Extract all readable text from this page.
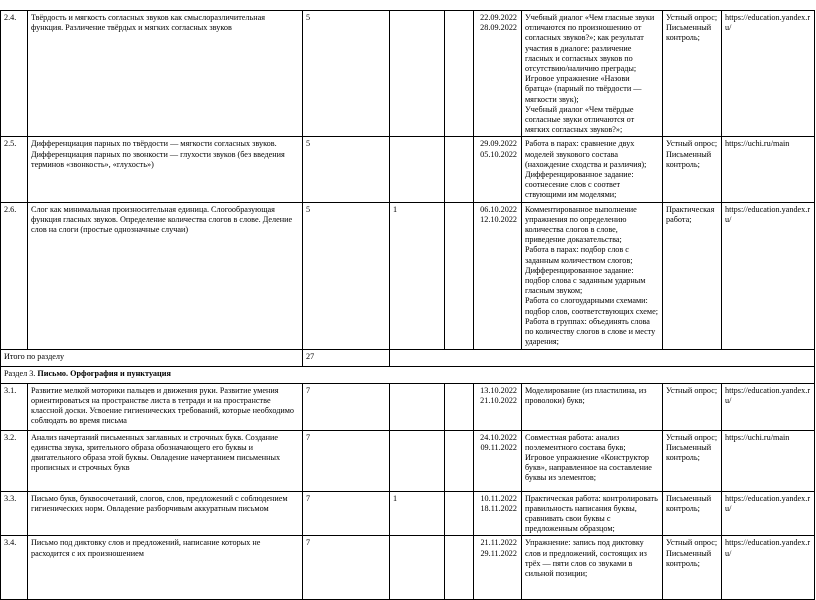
2.4.	Твёрдость и мягкость согласных звуков как смыслоразличительная функция. Различение твёрдых и мягких согласных звуков	5			22.09.2022
28.09.2022	Учебный диалог «Чем гласные звуки отличаются по произношению от согласных звуков?»; как результат участия в диалоге: различение гласных и согласных звуков по отсутствию/наличию преграды;
Игровое упражнение «Назови братца» (парный по твёрдости — мягкости звук);
Учебный диалог «Чем твёрдые согласные звуки отличаются от мягких согласных звуков?»;	Устный опрос;
Письменный контроль;	https://education.yandex.ru/
2.5.	Дифференциация парных по твёрдости — мягкости согласных звуков. Дифференциация парных по звонкости — глухости звуков (без введения терминов «звонкость», «глухость»)	5			29.09.2022
05.10.2022	Работа в парах: сравнение двух моделей звукового состава (нахождение сходства и различия);
Дифференцированное задание: соотнесение слов с соответ ствующими им моделями;	Устный опрос;
Письменный контроль;	https://uchi.ru/main
2.6.	Слог как минимальная произносительная единица. Слогообразующая функция гласных звуков. Определение количества слогов в слове. Деление слов на слоги (простые однозначные случаи)	5	1		06.10.2022
12.10.2022	Комментированное выполнение упражнения по определению количества слогов в слове, приведение доказательства;
Работа в парах: подбор слов с заданным количеством слогов;
Дифференцированное задание: подбор слова с заданным ударным гласным звуком;
Работа со слогоударными схемами: подбор слов, соответствующих схеме;
Работа в группах: объединять слова по количеству слогов в слове и месту ударения;	Практическая работа;	https://education.yandex.ru/
Итого по разделу		27						
Раздел 3. Письмо. Орфография и пунктуация								
3.1.	Развитие мелкой моторики пальцев и движения руки. Развитие умения ориентироваться на пространстве листа в тетради и на пространстве классной доски. Усвоение гигиенических требований, которые необходимо соблюдать во время письма	7			13.10.2022
21.10.2022	Моделирование (из пластилина, из проволоки) букв;	Устный опрос;	https://education.yandex.ru/
3.2.	Анализ начертаний письменных заглавных и строчных букв. Создание единства звука, зрительного образа обозначающего его буквы и двигательного образа этой буквы. Овладение начертанием письменных прописных и строчных букв	7			24.10.2022
09.11.2022	Совместная работа: анализ поэлементного состава букв;
Игровое упражнение «Конструктор букв», направленное на составление буквы из элементов;	Устный опрос;
Письменный контроль;	https://uchi.ru/main
3.3.	Письмо букв, буквосочетаний, слогов, слов, предложений с соблюдением гигиенических норм. Овладение разборчивым аккуратным письмом	7	1		10.11.2022
18.11.2022	Практическая работа: контролировать правильность написания буквы, сравнивать свои буквы с предложенным образцом;	Письменный контроль;	https://education.yandex.ru/
3.4.	Письмо под диктовку слов и предложений, написание которых не расходится с их произношением	7			21.11.2022
29.11.2022	Упражнение: запись под диктовку слов и предложений, состоящих из трёх — пяти слов со звуками в сильной позиции;	Устный опрос;
Письменный контроль;	https://education.yandex.ru/
